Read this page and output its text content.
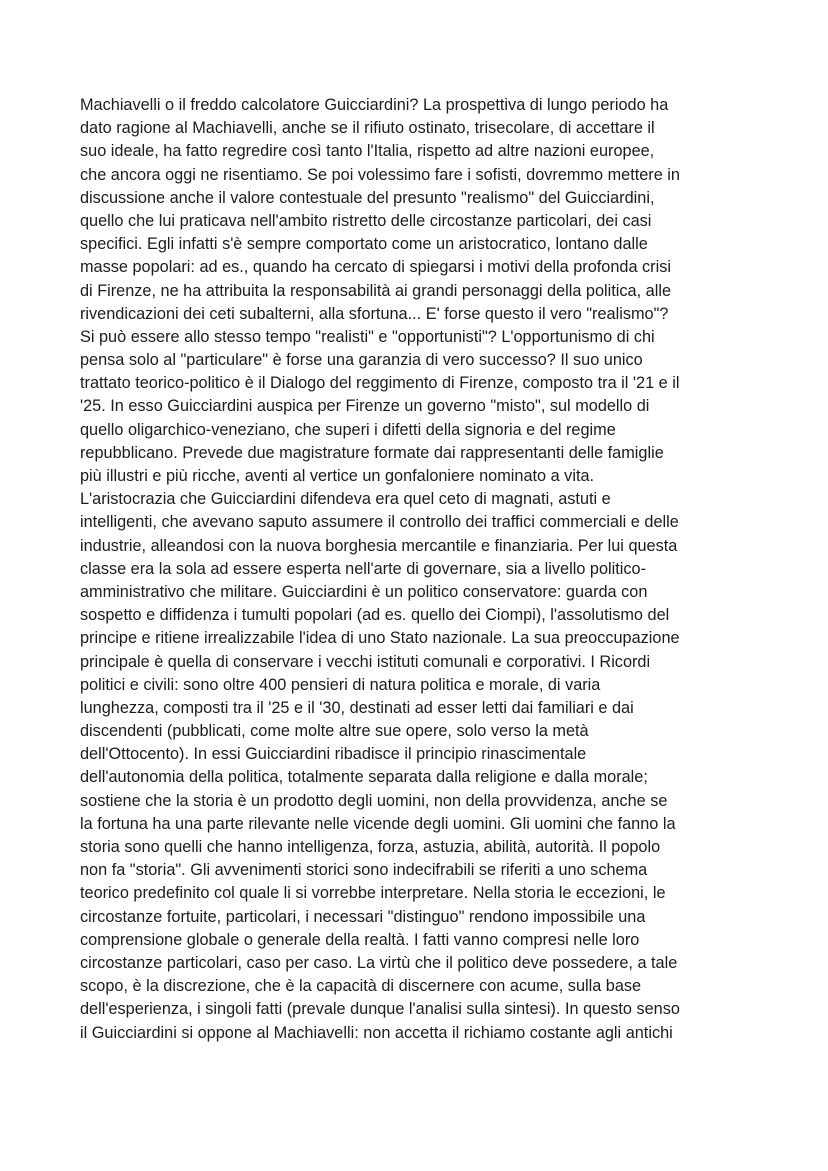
Machiavelli o il freddo calcolatore Guicciardini? La prospettiva di lungo periodo ha
dato ragione al Machiavelli, anche se il rifiuto ostinato, trisecolare, di accettare il
suo ideale, ha fatto regredire così tanto l'Italia, rispetto ad altre nazioni europee,
che ancora oggi ne risentiamo. Se poi volessimo fare i sofisti, dovremmo mettere in
discussione anche il valore contestuale del presunto "realismo" del Guicciardini,
quello che lui praticava nell'ambito ristretto delle circostanze particolari, dei casi
specifici. Egli infatti s'è sempre comportato come un aristocratico, lontano dalle
masse popolari: ad es., quando ha cercato di spiegarsi i motivi della profonda crisi
di Firenze, ne ha attribuita la responsabilità ai grandi personaggi della politica, alle
rivendicazioni dei ceti subalterni, alla sfortuna... E' forse questo il vero "realismo"?
Si può essere allo stesso tempo "realisti" e "opportunisti"? L'opportunismo di chi
pensa solo al "particulare" è forse una garanzia di vero successo? Il suo unico
trattato teorico-politico è il Dialogo del reggimento di Firenze, composto tra il '21 e il
'25. In esso Guicciardini auspica per Firenze un governo "misto", sul modello di
quello oligarchico-veneziano, che superi i difetti della signoria e del regime
repubblicano. Prevede due magistrature formate dai rappresentanti delle famiglie
più illustri e più ricche, aventi al vertice un gonfaloniere nominato a vita.
L'aristocrazia che Guicciardini difendeva era quel ceto di magnati, astuti e
intelligenti, che avevano saputo assumere il controllo dei traffici commerciali e delle
industrie, alleandosi con la nuova borghesia mercantile e finanziaria. Per lui questa
classe era la sola ad essere esperta nell'arte di governare, sia a livello politico-
amministrativo che militare. Guicciardini è un politico conservatore: guarda con
sospetto e diffidenza i tumulti popolari (ad es. quello dei Ciompi), l'assolutismo del
principe e ritiene irrealizzabile l'idea di uno Stato nazionale. La sua preoccupazione
principale è quella di conservare i vecchi istituti comunali e corporativi. I Ricordi
politici e civili: sono oltre 400 pensieri di natura politica e morale, di varia
lunghezza, composti tra il '25 e il '30, destinati ad esser letti dai familiari e dai
discendenti (pubblicati, come molte altre sue opere, solo verso la metà
dell'Ottocento). In essi Guicciardini ribadisce il principio rinascimentale
dell'autonomia della politica, totalmente separata dalla religione e dalla morale;
sostiene che la storia è un prodotto degli uomini, non della provvidenza, anche se
la fortuna ha una parte rilevante nelle vicende degli uomini. Gli uomini che fanno la
storia sono quelli che hanno intelligenza, forza, astuzia, abilità, autorità. Il popolo
non fa "storia". Gli avvenimenti storici sono indecifrabili se riferiti a uno schema
teorico predefinito col quale li si vorrebbe interpretare. Nella storia le eccezioni, le
circostanze fortuite, particolari, i necessari "distinguo" rendono impossibile una
comprensione globale o generale della realtà. I fatti vanno compresi nelle loro
circostanze particolari, caso per caso. La virtù che il politico deve possedere, a tale
scopo, è la discrezione, che è la capacità di discernere con acume, sulla base
dell'esperienza, i singoli fatti (prevale dunque l'analisi sulla sintesi). In questo senso
il Guicciardini si oppone al Machiavelli: non accetta il richiamo costante agli antichi
